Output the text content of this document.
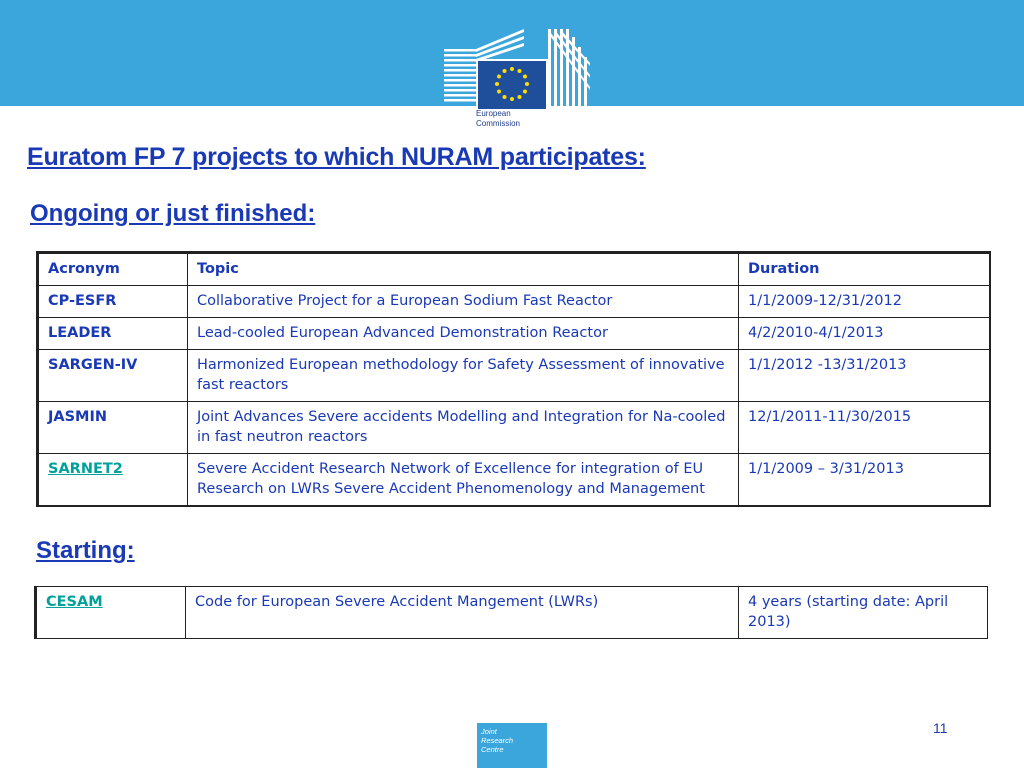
European
Commission
Euratom FP 7 projects to which NURAM participates:
Ongoing or just finished:
Acronym	Topic	Duration
CP-ESFR	Collaborative Project for a European Sodium Fast Reactor	1/1/2009-12/31/2012
LEADER	Lead-cooled European Advanced Demonstration Reactor	4/2/2010-4/1/2013
SARGEN-IV	Harmonized European methodology for Safety Assessment of innovative fast reactors	1/1/2012 -13/31/2013
JASMIN	Joint Advances Severe accidents Modelling and Integration for Na-cooled in fast neutron reactors	12/1/2011-11/30/2015
SARNET2	Severe Accident Research Network of Excellence for integration of EU Research on LWRs Severe Accident Phenomenology and Management	1/1/2009 – 3/31/2013
Starting:
CESAM	Code for European Severe Accident Mangement (LWRs)	4 years (starting date: April 2013)
Joint
Research
Centre
11
